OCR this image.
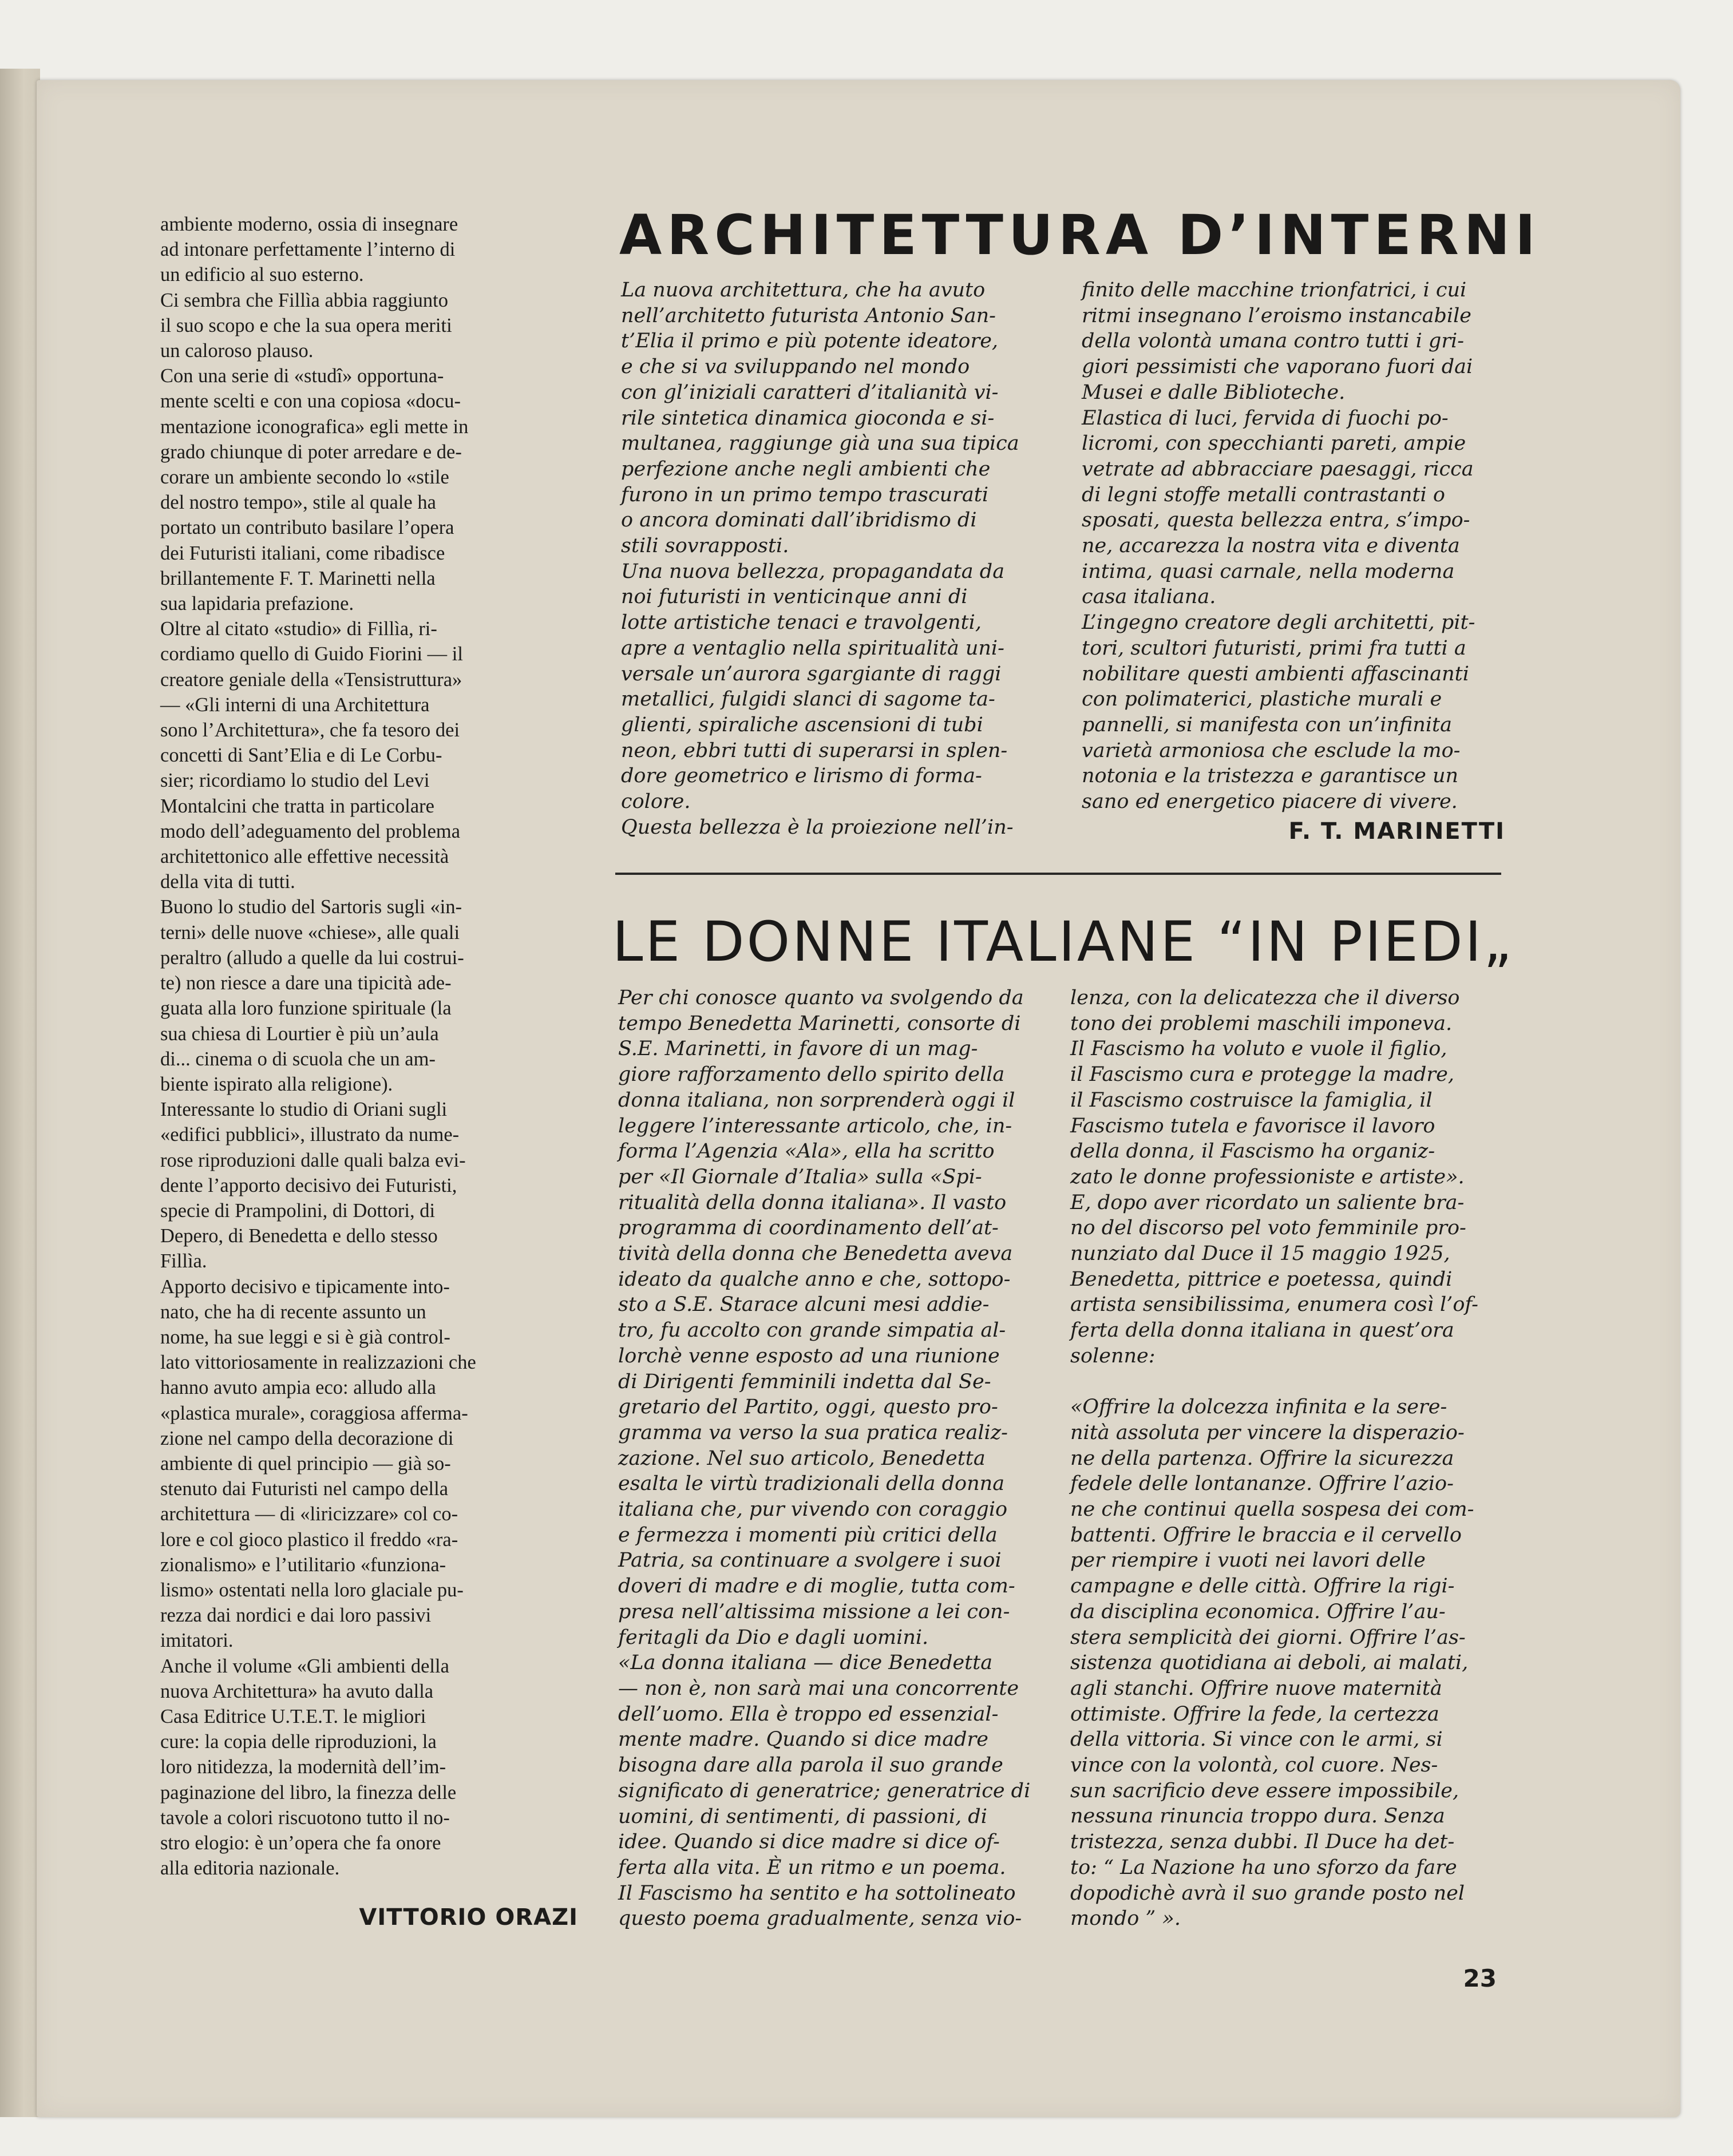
ambiente moderno, ossia di insegnare
ad intonare perfettamente l’interno di
un edificio al suo esterno.

Ci sembra che Fillìa abbia raggiunto
il suo scopo e che la sua opera meriti
un caloroso plauso.

Con una serie di «studî» opportuna-
mente scelti e con una copiosa «docu-
mentazione iconografica» egli mette in
grado chiunque di poter arredare e de-
corare un ambiente secondo lo «stile
del nostro tempo», stile al quale ha
portato un contributo basilare l’opera
dei Futuristi italiani, come ribadisce
brillantemente F. T. Marinetti nella
sua lapidaria prefazione.

Oltre al citato «studio» di Fillìa, ri-
cordiamo quello di Guido Fiorini — il
creatore geniale della «Tensistruttura»
— «Gli interni di una Architettura
sono l’Architettura», che fa tesoro dei
concetti di Sant’Elia e di Le Corbu-
sier; ricordiamo lo studio del Levi
Montalcini che tratta in particolare
modo dell’adeguamento del problema
architettonico alle effettive necessità
della vita di tutti.

Buono lo studio del Sartoris sugli «in-
terni» delle nuove «chiese», alle quali
peraltro (alludo a quelle da lui costrui-
te) non riesce a dare una tipicità ade-
guata alla loro funzione spirituale (la
sua chiesa di Lourtier è più un’aula
di... cinema o di scuola che un am-
biente ispirato alla religione).

Interessante lo studio di Oriani sugli
«edifici pubblici», illustrato da nume-
rose riproduzioni dalle quali balza evi-
dente l’apporto decisivo dei Futuristi,
specie di Prampolini, di Dottori, di
Depero, di Benedetta e dello stesso
Fillìa.

Apporto decisivo e tipicamente into-
nato, che ha di recente assunto un
nome, ha sue leggi e si è già control-
lato vittoriosamente in realizzazioni che
hanno avuto ampia eco: alludo alla
«plastica murale», coraggiosa afferma-
zione nel campo della decorazione di
ambiente di quel principio — già so-
stenuto dai Futuristi nel campo della
architettura — di «liricizzare» col co-
lore e col gioco plastico il freddo «ra-
zionalismo» e l’utilitario «funziona-
lismo» ostentati nella loro glaciale pu-
rezza dai nordici e dai loro passivi
imitatori.

Anche il volume «Gli ambienti della
nuova Architettura» ha avuto dalla
Casa Editrice U.T.E.T. le migliori
cure: la copia delle riproduzioni, la
loro nitidezza, la modernità dell’im-
paginazione del libro, la finezza delle
tavole a colori riscuotono tutto il no-
stro elogio: è un’opera che fa onore
alla editoria nazionale.

VITTORIO ORAZI
ARCHITETTURA D’INTERNI

La nuova architettura, che ha avuto
nell’architetto futurista Antonio San-
t’Elia il primo e più potente ideatore,
e che si va sviluppando nel mondo
con gl’iniziali caratteri d’italianità vi-
rile sintetica dinamica gioconda e si-
multanea, raggiunge già una sua tipica
perfezione anche negli ambienti che
furono in un primo tempo trascurati
o ancora dominati dall’ibridismo di
stili sovrapposti.

Una nuova bellezza, propagandata da
noi futuristi in venticinque anni di
lotte artistiche tenaci e travolgenti,
apre a ventaglio nella spiritualità uni-
versale un’aurora sgargiante di raggi
metallici, fulgidi slanci di sagome ta-
glienti, spiraliche ascensioni di tubi
neon, ebbri tutti di superarsi in splen-
dore geometrico e lirismo di forma-
colore.

Questa bellezza è la proiezione nell’in-

finito delle macchine trionfatrici, i cui
ritmi insegnano l’eroismo instancabile
della volontà umana contro tutti i gri-
giori pessimisti che vaporano fuori dai
Musei e dalle Biblioteche.

Elastica di luci, fervida di fuochi po-
licromi, con specchianti pareti, ampie
vetrate ad abbracciare paesaggi, ricca
di legni stoffe metalli contrastanti o
sposati, questa bellezza entra, s’impo-
ne, accarezza la nostra vita e diventa
intima, quasi carnale, nella moderna
casa italiana.

L’ingegno creatore degli architetti, pit-
tori, scultori futuristi, primi fra tutti a
nobilitare questi ambienti affascinanti
con polimaterici, plastiche murali e
pannelli, si manifesta con un’infinita
varietà armoniosa che esclude la mo-
notonia e la tristezza e garantisce un
sano ed energetico piacere di vivere.

F. T. MARINETTI
LE DONNE ITALIANE “IN PIEDI„

Per chi conosce quanto va svolgendo da
tempo Benedetta Marinetti, consorte di
S.E. Marinetti, in favore di un mag-
giore rafforzamento dello spirito della
donna italiana, non sorprenderà oggi il
leggere l’interessante articolo, che, in-
forma l’Agenzia «Ala», ella ha scritto
per «Il Giornale d’Italia» sulla «Spi-
ritualità della donna italiana». Il vasto
programma di coordinamento dell’at-
tività della donna che Benedetta aveva
ideato da qualche anno e che, sottopo-
sto a S.E. Starace alcuni mesi addie-
tro, fu accolto con grande simpatia al-
lorchè venne esposto ad una riunione
di Dirigenti femminili indetta dal Se-
gretario del Partito, oggi, questo pro-
gramma va verso la sua pratica realiz-
zazione. Nel suo articolo, Benedetta
esalta le virtù tradizionali della donna
italiana che, pur vivendo con coraggio
e fermezza i momenti più critici della
Patria, sa continuare a svolgere i suoi
doveri di madre e di moglie, tutta com-
presa nell’altissima missione a lei con-
feritagli da Dio e dagli uomini.

«La donna italiana — dice Benedetta
— non è, non sarà mai una concorrente
dell’uomo. Ella è troppo ed essenzial-
mente madre. Quando si dice madre
bisogna dare alla parola il suo grande
significato di generatrice; generatrice di
uomini, di sentimenti, di passioni, di
idee. Quando si dice madre si dice of-
ferta alla vita. È un ritmo e un poema.
Il Fascismo ha sentito e ha sottolineato
questo poema gradualmente, senza vio-

lenza, con la delicatezza che il diverso
tono dei problemi maschili imponeva.
Il Fascismo ha voluto e vuole il figlio,
il Fascismo cura e protegge la madre,
il Fascismo costruisce la famiglia, il
Fascismo tutela e favorisce il lavoro
della donna, il Fascismo ha organiz-
zato le donne professioniste e artiste».
E, dopo aver ricordato un saliente bra-
no del discorso pel voto femminile pro-
nunziato dal Duce il 15 maggio 1925,
Benedetta, pittrice e poetessa, quindi
artista sensibilissima, enumera così l’of-
ferta della donna italiana in quest’ora
solenne:

«Offrire la dolcezza infinita e la sere-
nità assoluta per vincere la disperazio-
ne della partenza. Offrire la sicurezza
fedele delle lontananze. Offrire l’azio-
ne che continui quella sospesa dei com-
battenti. Offrire le braccia e il cervello
per riempire i vuoti nei lavori delle
campagne e delle città. Offrire la rigi-
da disciplina economica. Offrire l’au-
stera semplicità dei giorni. Offrire l’as-
sistenza quotidiana ai deboli, ai malati,
agli stanchi. Offrire nuove maternità
ottimiste. Offrire la fede, la certezza
della vittoria. Si vince con le armi, si
vince con la volontà, col cuore. Nes-
sun sacrificio deve essere impossibile,
nessuna rinuncia troppo dura. Senza
tristezza, senza dubbi. Il Duce ha det-
to: “ La Nazione ha uno sforzo da fare
dopodichè avrà il suo grande posto nel
mondo ” ».

23
